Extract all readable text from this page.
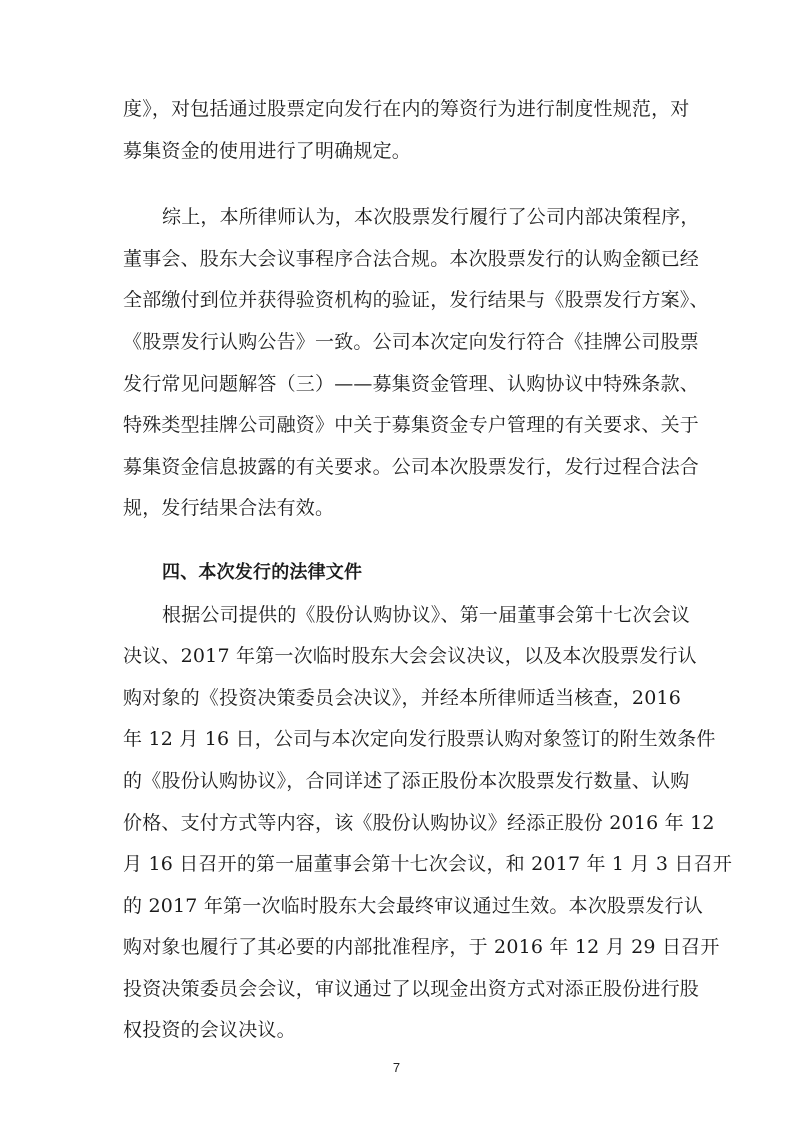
度》，对包括通过股票定向发行在内的筹资行为进行制度性规范，对
募集资金的使用进行了明确规定。
综上，本所律师认为，本次股票发行履行了公司内部决策程序，
董事会、股东大会议事程序合法合规。本次股票发行的认购金额已经
全部缴付到位并获得验资机构的验证，发行结果与《股票发行方案》、
《股票发行认购公告》一致。公司本次定向发行符合《挂牌公司股票
发行常见问题解答（三）——募集资金管理、认购协议中特殊条款、
特殊类型挂牌公司融资》中关于募集资金专户管理的有关要求、关于
募集资金信息披露的有关要求。公司本次股票发行，发行过程合法合
规，发行结果合法有效。
四、本次发行的法律文件
根据公司提供的《股份认购协议》、第一届董事会第十七次会议
决议、2017 年第一次临时股东大会会议决议，以及本次股票发行认
购对象的《投资决策委员会决议》，并经本所律师适当核查，2016
年 12 月 16 日，公司与本次定向发行股票认购对象签订的附生效条件
的《股份认购协议》，合同详述了添正股份本次股票发行数量、认购
价格、支付方式等内容，该《股份认购协议》经添正股份 2016 年 12
月 16 日召开的第一届董事会第十七次会议，和 2017 年 1 月 3 日召开
的 2017 年第一次临时股东大会最终审议通过生效。本次股票发行认
购对象也履行了其必要的内部批准程序，于 2016 年 12 月 29 日召开
投资决策委员会会议，审议通过了以现金出资方式对添正股份进行股
权投资的会议决议。
7
